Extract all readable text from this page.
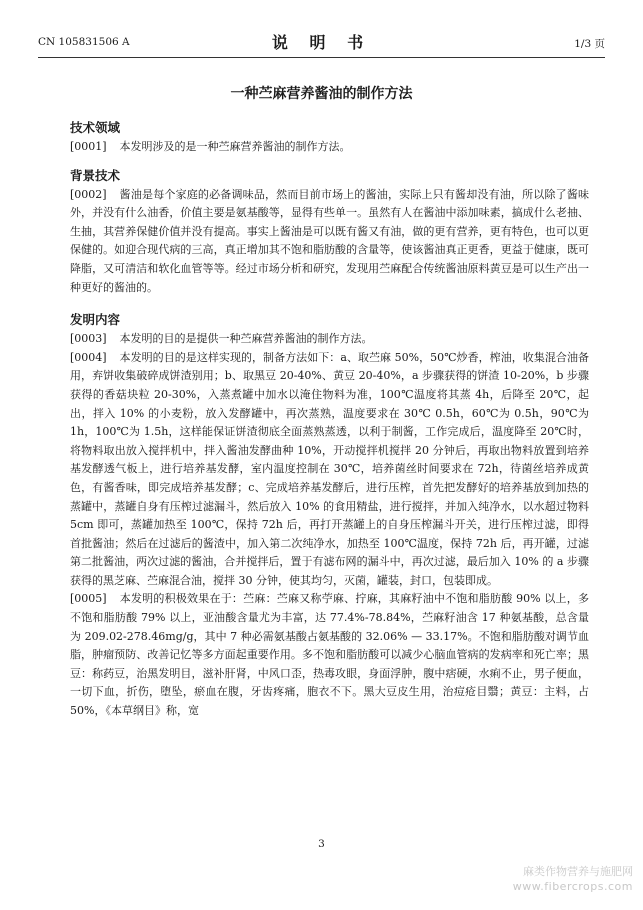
CN 105831506 A	说 明 书	1/3 页
一种苎麻营养酱油的制作方法
技术领域

[0001] 本发明涉及的是一种苎麻营养酱油的制作方法。

背景技术

[0002] 酱油是每个家庭的必备调味品，然而目前市场上的酱油，实际上只有酱却没有油，所以除了酱味外，并没有什么油香，价值主要是氨基酸等，显得有些单一。虽然有人在酱油中添加味素，搞成什么老抽、生抽，其营养保健价值并没有提高。事实上酱油是可以既有酱又有油，做的更有营养，更有特色，也可以更保健的。如迎合现代病的三高，真正增加其不饱和脂肪酸的含量等，使该酱油真正更香，更益于健康，既可降脂，又可清洁和软化血管等等。经过市场分析和研究，发现用苎麻配合传统酱油原料黄豆是可以生产出一种更好的酱油的。

发明内容

[0003] 本发明的目的是提供一种苎麻营养酱油的制作方法。

[0004] 本发明的目的是这样实现的，制备方法如下：a、取苎麻 50%，50℃炒香，榨油，收集混合油备用，弃饼收集破碎成饼渣别用；b、取黑豆 20-40%、黄豆 20-40%，a 步骤获得的饼渣 10-20%，b 步骤获得的香菇块粒 20-30%，入蒸煮罐中加水以淹住物料为准，100℃温度将其蒸 4h，后降至 20℃，起出，拌入 10% 的小麦粉，放入发酵罐中，再次蒸熟，温度要求在 30℃ 0.5h，60℃为 0.5h，90℃为 1h，100℃为 1.5h，这样能保证饼渣彻底全面蒸熟蒸透，以利于制酱，工作完成后，温度降至 20℃时，将物料取出放入搅拌机中，拌入酱油发酵曲种 10%，开动搅拌机搅拌 20 分钟后，再取出物料放置到培养基发酵透气板上，进行培养基发酵，室内温度控制在 30℃，培养菌丝时间要求在 72h，待菌丝培养成黄色，有酱香味，即完成培养基发酵；c、完成培养基发酵后，进行压榨，首先把发酵好的培养基放到加热的蒸罐中，蒸罐自身有压榨过滤漏斗，然后放入 10% 的食用精盐，进行搅拌，并加入纯净水，以水超过物料 5cm 即可，蒸罐加热至 100℃，保持 72h 后，再打开蒸罐上的自身压榨漏斗开关，进行压榨过滤，即得首批酱油；然后在过滤后的酱渣中，加入第二次纯净水，加热至 100℃温度，保持 72h 后，再开罐，过滤第二批酱油，两次过滤的酱油，合并搅拌后，置于有滤布网的漏斗中，再次过滤，最后加入 10% 的 a 步骤获得的黑芝麻、苎麻混合油，搅拌 30 分钟，使其均匀，灭菌，罐装，封口，包装即成。

[0005] 本发明的积极效果在于：苎麻：苎麻又称苧麻、拧麻，其麻籽油中不饱和脂肪酸 90% 以上，多不饱和脂肪酸 79% 以上，亚油酸含量尤为丰富，达 77.4%-78.84%，苎麻籽油含 17 种氨基酸，总含量为 209.02-278.46mg/g，其中 7 种必需氨基酸占氨基酸的 32.06% — 33.17%。不饱和脂肪酸对调节血脂，肿瘤预防、改善记忆等多方面起重要作用。多不饱和脂肪酸可以减少心脑血管病的发病率和死亡率；黑豆：称药豆，治黑发明目，滋补肝肾，中风口歪，热毒攻眼，身面浮肿，腹中痞硬，水痢不止，男子便血，一切下血，折伤，堕坠，瘀血在腹，牙齿疼痛，胞衣不下。黑大豆皮生用，治痘疮目翳；黄豆：主料，占 50%，《本草纲目》称，宽

3
麻类作物营养与施肥网
www.fibercrops.com
